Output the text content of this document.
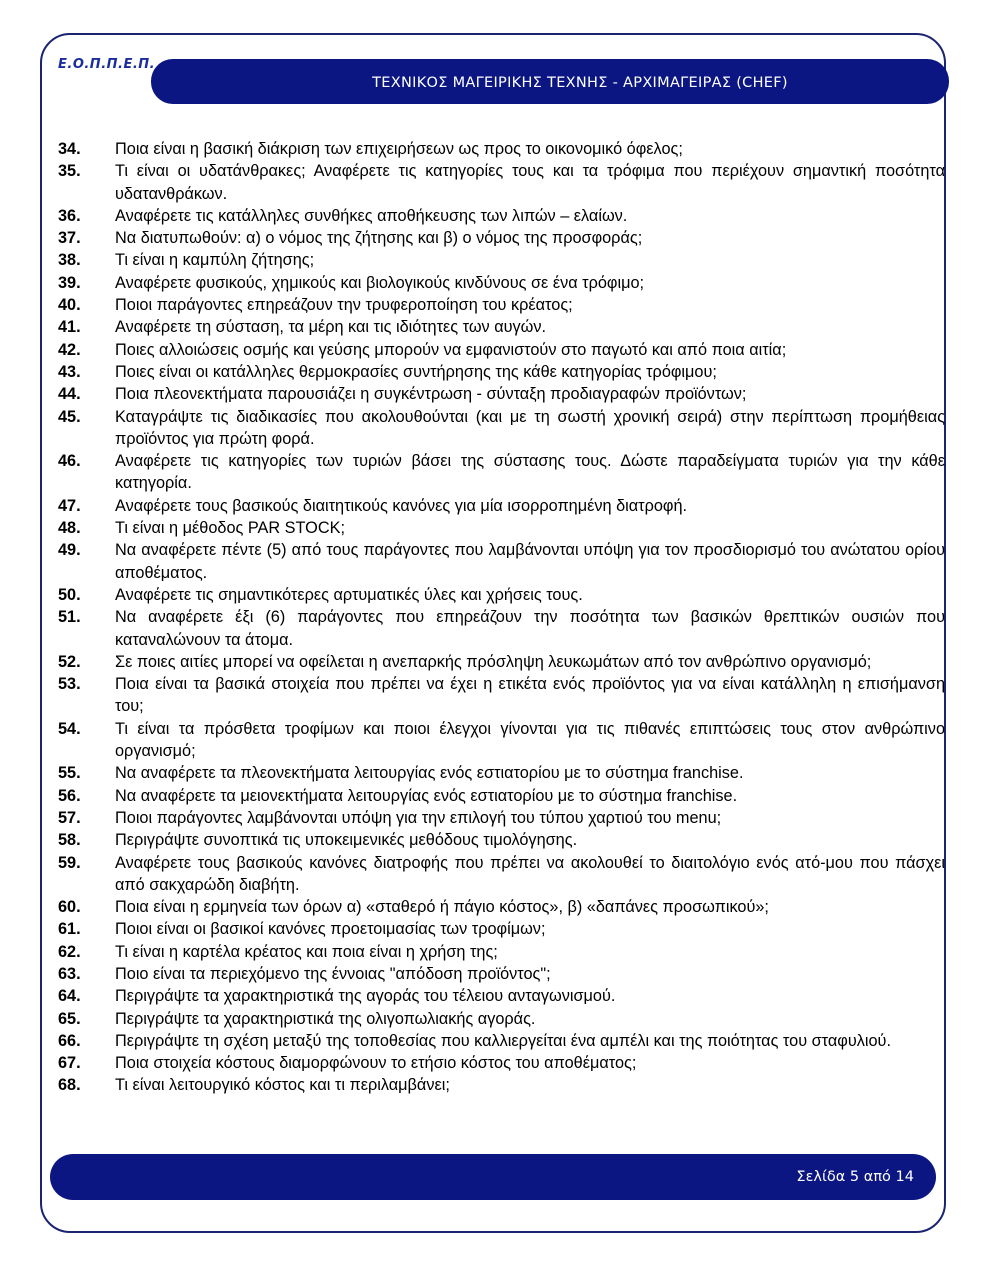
Ε.Ο.Π.Π.Ε.Π.
ΤΕΧΝΙΚΟΣ ΜΑΓΕΙΡΙΚΗΣ ΤΕΧΝΗΣ - ΑΡΧΙΜΑΓΕΙΡΑΣ (CHEF)
34.	Ποια είναι η βασική διάκριση των επιχειρήσεων ως προς το οικονομικό όφελος;
35.	Τι είναι οι υδατάνθρακες; Αναφέρετε τις κατηγορίες τους και τα τρόφιμα που περιέχουν σημαντική ποσότητα υδατανθράκων.
36.	Αναφέρετε τις κατάλληλες συνθήκες αποθήκευσης των λιπών – ελαίων.
37.	Να διατυπωθούν: α) ο νόμος της ζήτησης και β) ο νόμος της προσφοράς;
38.	Τι είναι η καμπύλη ζήτησης;
39.	Αναφέρετε φυσικούς, χημικούς και βιολογικούς κινδύνους σε ένα τρόφιμο;
40.	Ποιοι παράγοντες επηρεάζουν την τρυφεροποίηση του κρέατος;
41.	Αναφέρετε τη σύσταση, τα μέρη και τις ιδιότητες των αυγών.
42.	Ποιες αλλοιώσεις οσμής και γεύσης μπορούν να εμφανιστούν στο παγωτό και από ποια αιτία;
43.	Ποιες είναι οι κατάλληλες θερμοκρασίες συντήρησης της κάθε κατηγορίας τρόφιμου;
44.	Ποια πλεονεκτήματα παρουσιάζει η συγκέντρωση - σύνταξη προδιαγραφών προϊόντων;
45.	Καταγράψτε τις διαδικασίες που ακολουθούνται (και με τη σωστή χρονική σειρά) στην περίπτωση προμήθειας προϊόντος για πρώτη φορά.
46.	Αναφέρετε τις κατηγορίες των τυριών βάσει της σύστασης τους. Δώστε παραδείγματα τυριών για την κάθε κατηγορία.
47.	Αναφέρετε τους βασικούς διαιτητικούς κανόνες για μία ισορροπημένη διατροφή.
48.	Τι είναι η μέθοδος PAR STOCK;
49.	Να αναφέρετε πέντε (5) από τους παράγοντες που λαμβάνονται υπόψη για τον προσδιορισμό του ανώτατου ορίου αποθέματος.
50.	Αναφέρετε τις σημαντικότερες αρτυματικές ύλες και χρήσεις τους.
51.	Να αναφέρετε έξι (6) παράγοντες που επηρεάζουν την ποσότητα των βασικών θρεπτικών ουσιών που καταναλώνουν τα άτομα.
52.	Σε ποιες αιτίες μπορεί να οφείλεται η ανεπαρκής πρόσληψη λευκωμάτων από τον ανθρώπινο οργανισμό;
53.	Ποια είναι τα βασικά στοιχεία που πρέπει να έχει η ετικέτα ενός προϊόντος για να είναι κατάλληλη η επισήμανση του;
54.	Τι είναι τα πρόσθετα τροφίμων και ποιοι έλεγχοι γίνονται για τις πιθανές επιπτώσεις τους στον ανθρώπινο οργανισμό;
55.	Να αναφέρετε τα πλεονεκτήματα λειτουργίας ενός εστιατορίου με το σύστημα franchise.
56.	Να αναφέρετε τα μειονεκτήματα λειτουργίας ενός εστιατορίου με το σύστημα franchise.
57.	Ποιοι παράγοντες λαμβάνονται υπόψη για την επιλογή του τύπου χαρτιού του menu;
58.	Περιγράψτε συνοπτικά τις υποκειμενικές μεθόδους τιμολόγησης.
59.	Αναφέρετε τους βασικούς κανόνες διατροφής που πρέπει να ακολουθεί το διαιτολόγιο ενός ατό-μου που πάσχει από σακχαρώδη διαβήτη.
60.	Ποια είναι η ερμηνεία των όρων α) «σταθερό ή πάγιο κόστος», β) «δαπάνες προσωπικού»;
61.	Ποιοι είναι οι βασικοί κανόνες προετοιμασίας των τροφίμων;
62.	Τι είναι η καρτέλα κρέατος και ποια είναι η χρήση της;
63.	Ποιο είναι τα περιεχόμενο της έννοιας "απόδοση προϊόντος";
64.	Περιγράψτε τα χαρακτηριστικά της αγοράς του τέλειου ανταγωνισμού.
65.	Περιγράψτε τα χαρακτηριστικά της ολιγοπωλιακής αγοράς.
66.	Περιγράψτε τη σχέση μεταξύ της τοποθεσίας που καλλιεργείται ένα αμπέλι και της ποιότητας του σταφυλιού.
67.	Ποια στοιχεία κόστους διαμορφώνουν το ετήσιο κόστος του αποθέματος;
68.	Τι είναι λειτουργικό κόστος και τι περιλαμβάνει;
Σελίδα 5 από 14
